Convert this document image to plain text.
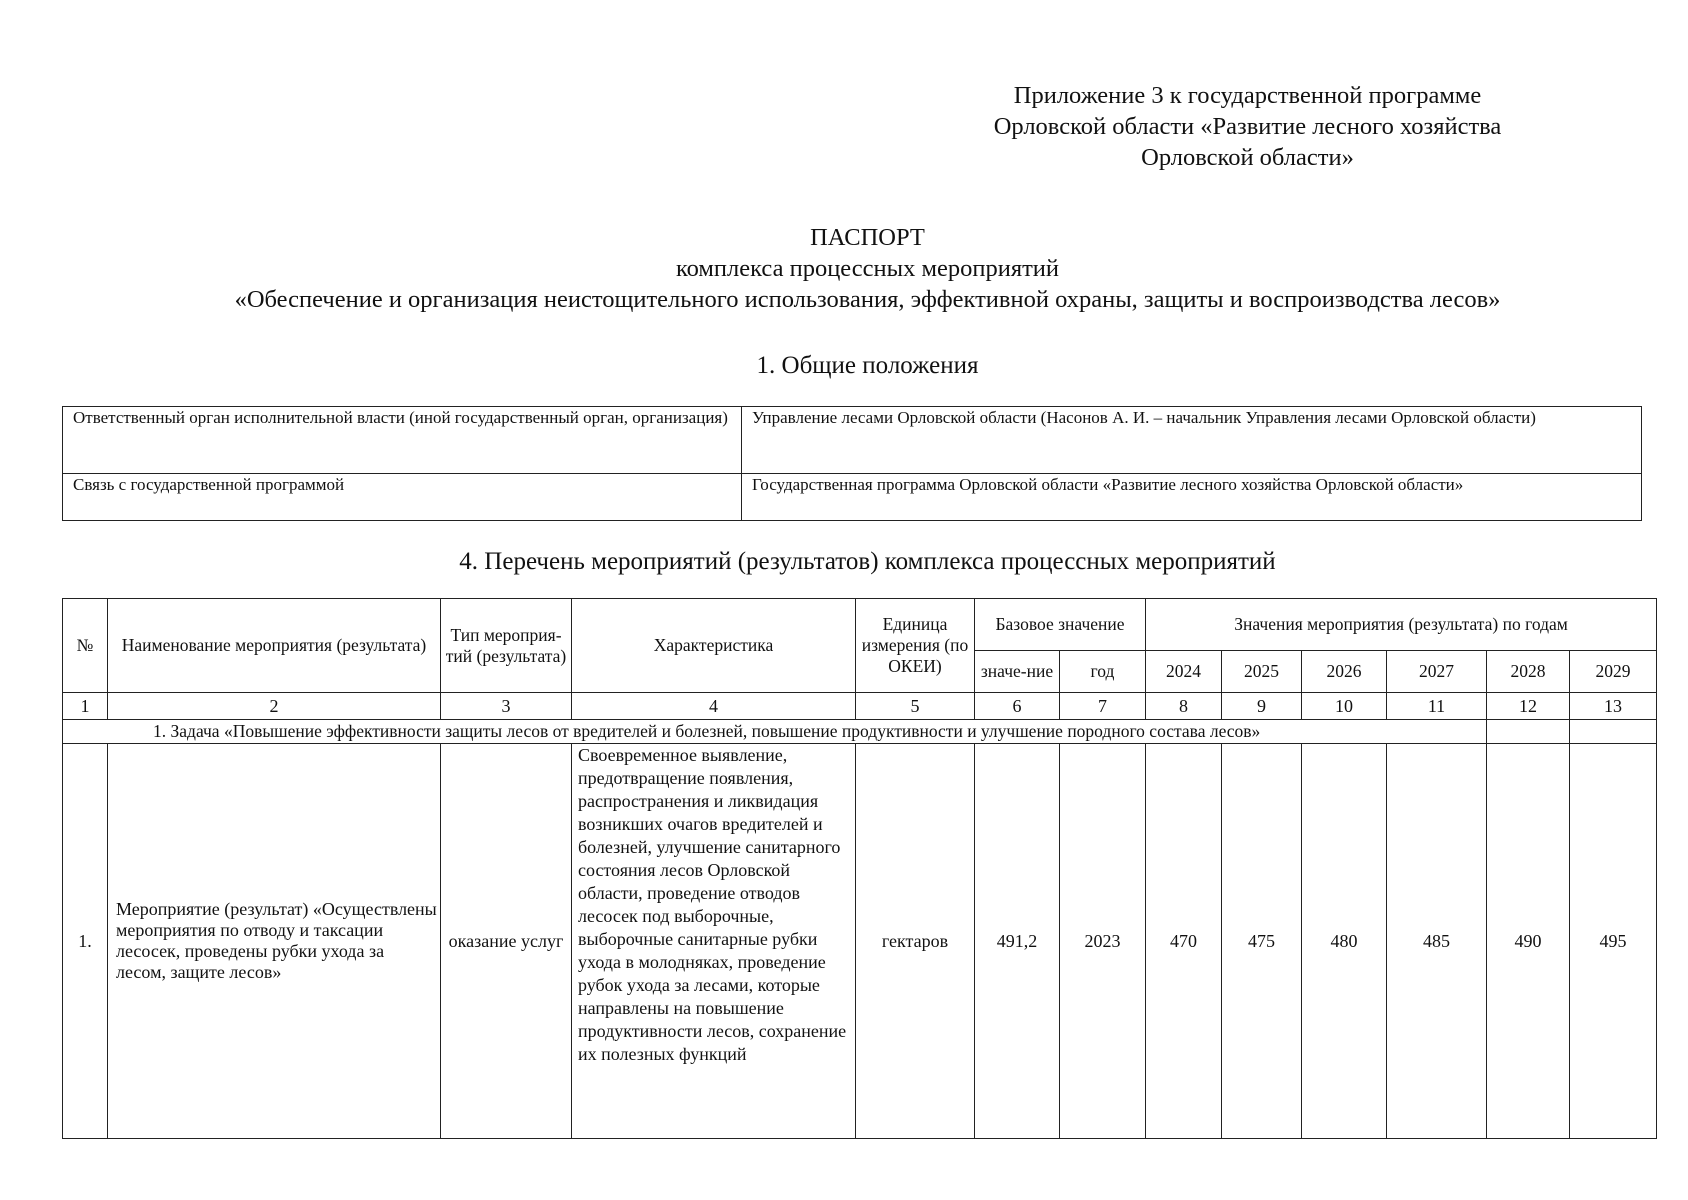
Приложение 3 к государственной программе
Орловской области «Развитие лесного хозяйства
Орловской области»
ПАСПОРТ
комплекса процессных мероприятий
«Обеспечение и организация неистощительного использования, эффективной охраны, защиты и воспроизводства лесов»
1. Общие положения
Ответственный орган исполнительной власти (иной государственный орган, организация)	Управление лесами Орловской области (Насонов А. И. – начальник Управления лесами Орловской области)
Связь с государственной программой	Государственная программа Орловской области «Развитие лесного хозяйства Орловской области»
4. Перечень мероприятий (результатов) комплекса процессных мероприятий
№	Наименование мероприятия (результата)	Тип мероприя-тий (результата)	Характеристика	Единица измерения (по ОКЕИ)	Базовое значение		Значения мероприятия (результата) по годам					
					значе-ние	год	2024	2025	2026	2027	2028	2029
1	2	3	4	5	6	7	8	9	10	11	12	13
1. Задача «Повышение эффективности защиты лесов от вредителей и болезней, повышение продуктивности и улучшение породного состава лесов»												
1.	Мероприятие (результат) «Осуществлены мероприятия по отводу и таксации лесосек, проведены рубки ухода за лесом, защите лесов»	оказание услуг	Своевременное выявление, предотвращение появления, распространения и ликвидация возникших очагов вредителей и болезней, улучшение санитарного состояния лесов Орловской области, проведение отводов лесосек под выборочные, выборочные санитарные рубки ухода в молодняках, проведение рубок ухода за лесами, которые направлены на повышение продуктивности лесов, сохранение их полезных функций	гектаров	491,2	2023	470	475	480	485	490	495
